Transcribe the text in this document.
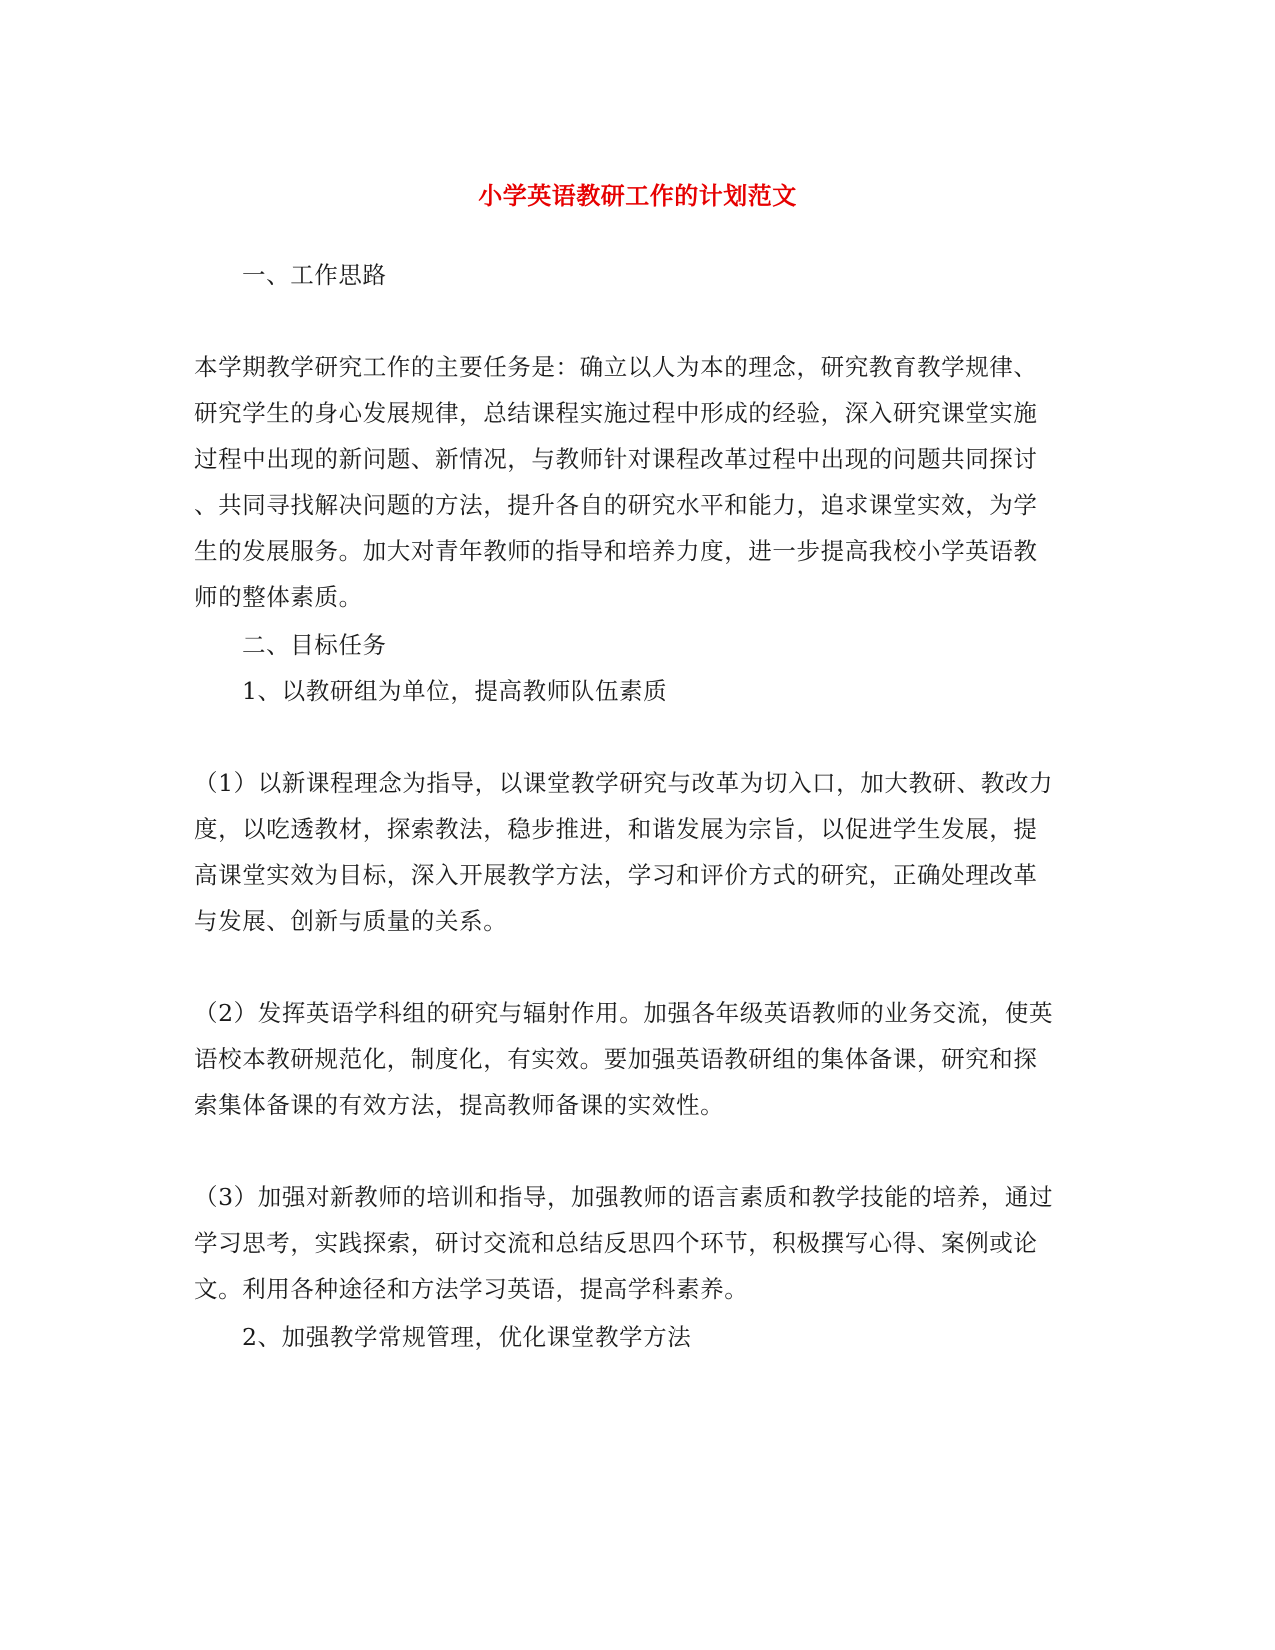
小学英语教研工作的计划范文
一、工作思路
本学期教学研究工作的主要任务是：确立以人为本的理念，研究教育教学规律、
研究学生的身心发展规律，总结课程实施过程中形成的经验，深入研究课堂实施
过程中出现的新问题、新情况，与教师针对课程改革过程中出现的问题共同探讨
、共同寻找解决问题的方法，提升各自的研究水平和能力，追求课堂实效，为学
生的发展服务。加大对青年教师的指导和培养力度，进一步提高我校小学英语教
师的整体素质。
二、目标任务
1、以教研组为单位，提高教师队伍素质
（1）以新课程理念为指导，以课堂教学研究与改革为切入口，加大教研、教改力
度，以吃透教材，探索教法，稳步推进，和谐发展为宗旨，以促进学生发展，提
高课堂实效为目标，深入开展教学方法，学习和评价方式的研究，正确处理改革
与发展、创新与质量的关系。
（2）发挥英语学科组的研究与辐射作用。加强各年级英语教师的业务交流，使英
语校本教研规范化，制度化，有实效。要加强英语教研组的集体备课，研究和探
索集体备课的有效方法，提高教师备课的实效性。
（3）加强对新教师的培训和指导，加强教师的语言素质和教学技能的培养，通过
学习思考，实践探索，研讨交流和总结反思四个环节，积极撰写心得、案例或论
文。利用各种途径和方法学习英语，提高学科素养。
2、加强教学常规管理，优化课堂教学方法
